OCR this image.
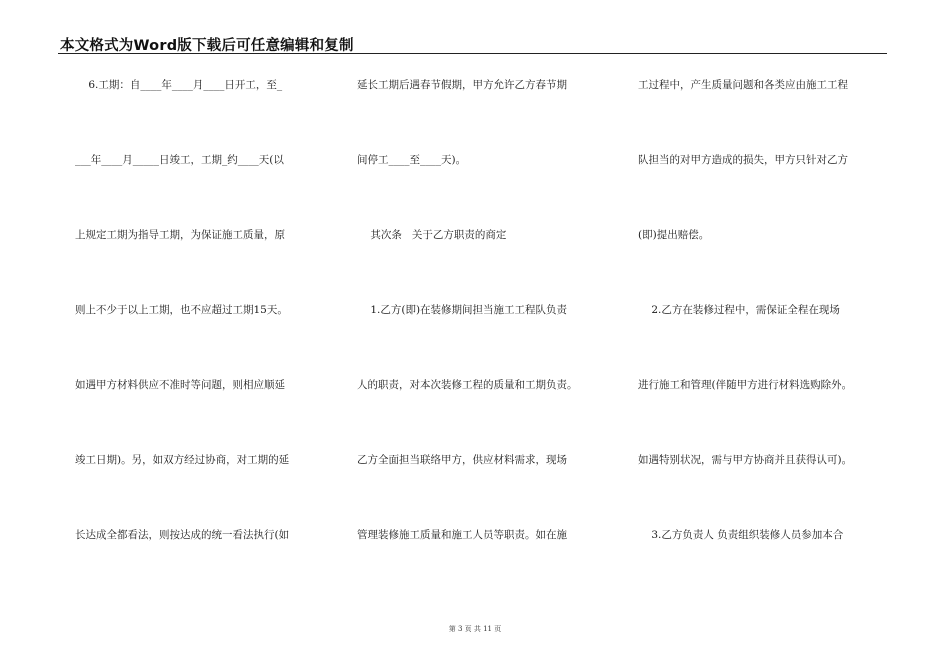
本文格式为Word版下载后可任意编辑和复制
6.工期：自____年____月____日开工，至_
___年____月_____日竣工，工期_约____天(以
上规定工期为指导工期，为保证施工质量，原
则上不少于以上工期，也不应超过工期15天。
如遇甲方材料供应不准时等问题，则相应顺延
竣工日期)。另，如双方经过协商，对工期的延
长达成全都看法，则按达成的统一看法执行(如
延长工期后遇春节假期，甲方允许乙方春节期
间停工____至____天)。
其次条   关于乙方职责的商定
1.乙方(即)在装修期间担当施工工程队负责
人的职责，对本次装修工程的质量和工期负责。
乙方全面担当联络甲方，供应材料需求，现场
管理装修施工质量和施工人员等职责。如在施
工过程中，产生质量问题和各类应由施工工程
队担当的对甲方造成的损失，甲方只针对乙方
(即)提出赔偿。
2.乙方在装修过程中，需保证全程在现场
进行施工和管理(伴随甲方进行材料选购除外。
如遇特别状况，需与甲方协商并且获得认可)。
3.乙方负责人 负责组织装修人员参加本合
第 3 页 共 11 页
